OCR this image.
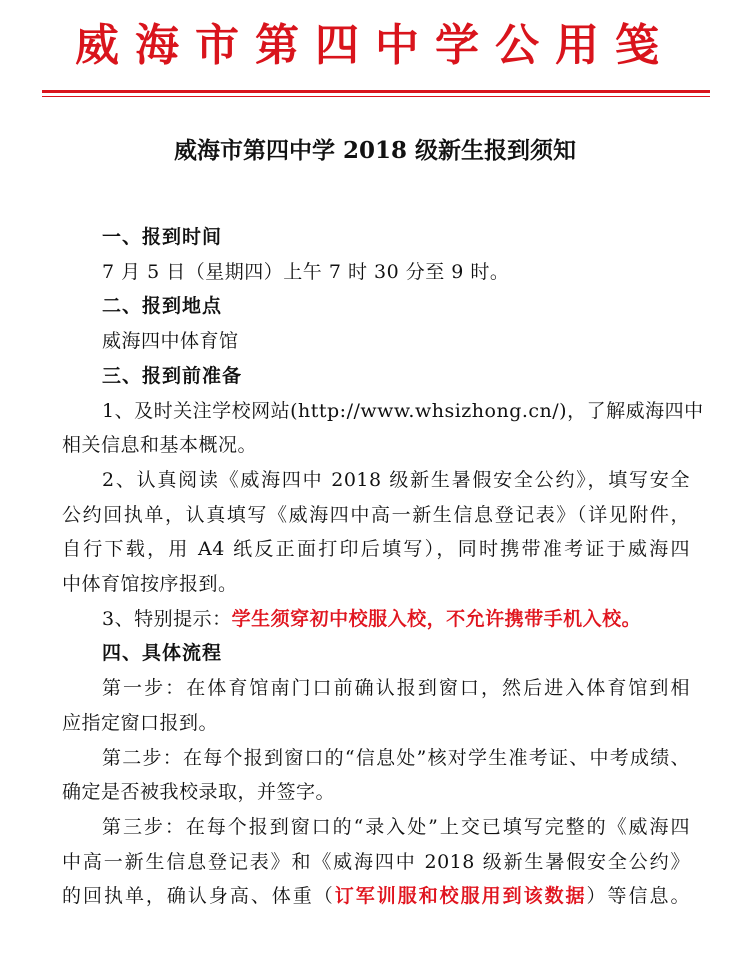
威海市第四中学公用笺
威海市第四中学 2018 级新生报到须知
一、报到时间
7 月 5 日（星期四）上午 7 时 30 分至 9 时。
二、报到地点
威海四中体育馆
三、报到前准备
1、及时关注学校网站(http://www.whsizhong.cn/)，了解威海四中
相关信息和基本概况。
2、认真阅读《威海四中 2018 级新生暑假安全公约》，填写安全
公约回执单，认真填写《威海四中高一新生信息登记表》（详见附件，
自行下载，用 A4 纸反正面打印后填写），同时携带准考证于威海四
中体育馆按序报到。
3、特别提示：学生须穿初中校服入校，不允许携带手机入校。
四、具体流程
第一步：在体育馆南门口前确认报到窗口，然后进入体育馆到相
应指定窗口报到。
第二步：在每个报到窗口的“信息处”核对学生准考证、中考成绩、
确定是否被我校录取，并签字。
第三步：在每个报到窗口的“录入处”上交已填写完整的《威海四
中高一新生信息登记表》和《威海四中 2018 级新生暑假安全公约》
的回执单，确认身高、体重（订军训服和校服用到该数据）等信息。
